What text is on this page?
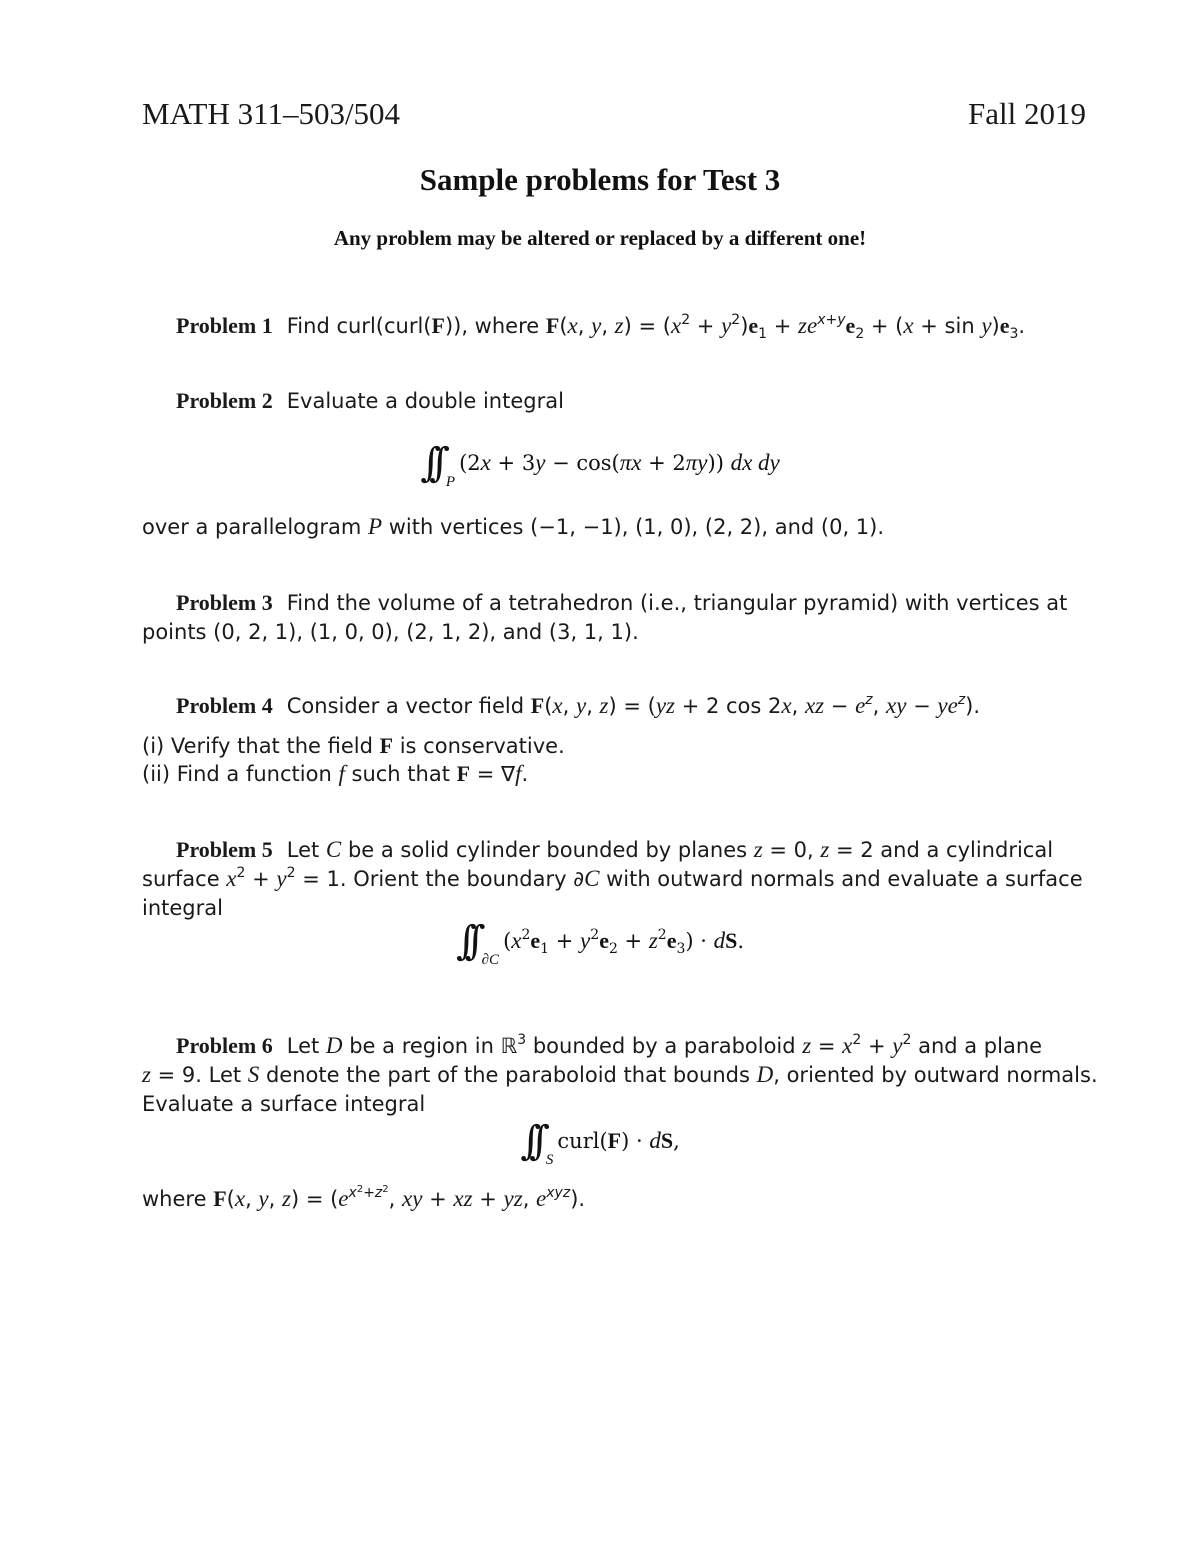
MATH 311–503/504	Fall 2019
Sample problems for Test 3
Any problem may be altered or replaced by a different one!
Problem 1 Find curl(curl(F)), where F(x, y, $z) = (x^2 + y^2)e_1 + ze^{x+y}e_2 + (x + \sin y)e_3$.
Problem 2 Evaluate a double integral
∫∫ $_P$(2x + 3y − cos(πx + 2πy)) dx dy
over a parallelogram P with vertices (−1, −1), (1, 0), (2, 2), and (0, 1).
Problem 3 Find the volume of a tetrahedron (i.e., triangular pyramid) with vertices at
points (0, 2, 1), (1, 0, 0), (2, 1, 2), and (3, 1, 1).
Problem 4 Consider a vector field F(x, y, z) = (yz + 2 cos 2x, xz − $e^z$, xy − $ye^z$).
(i) Verify that the field F is conservative.
(ii) Find a function f such that F = ∇f.
Problem 5 Let C be a solid cylinder bounded by planes z = 0, z = 2 and a cylindrical
surface $x^2 + y^2 = 1$. Orient the boundary ∂C with outward normals and evaluate a surface
integral
∫∫ $_{\partial C}(x^2e_1 + y^2e_2 + z^2e_3)$ · dS.
Problem 6 Let D be a region in ℝ$^3$ bounded by a paraboloid $z = x^2 + y^2$ and a plane
z = 9. Let S denote the part of the paraboloid that bounds D, oriented by outward normals.
Evaluate a surface integral
∫∫ $_S$curl(F) · dS,
where F(x, y, $z) = (e^{x^2+z^2}$, xy + xz + yz, $e^{xyz}$).
